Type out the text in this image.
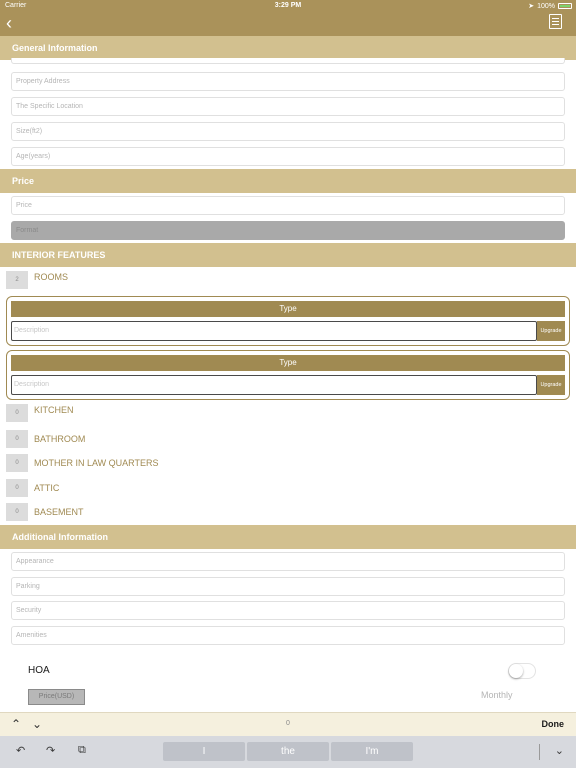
Carrier	3:29 PM	➤ 100%
‹
General Information
Property Address
The Specific Location
Size(ft2)
Age(years)
Price
Price
Format
INTERIOR FEATURES
2	ROOMS
Type
Description	Upgrade
Type
Description	Upgrade
0	KITCHEN
0	BATHROOM
0	MOTHER IN LAW QUARTERS
0	ATTIC
0	BASEMENT
Additional Information
Appearance
Parking
Security
Amenities
HOA
Price(USD)	Monthly
⌃ ⌄	0	Done
↶ ↷ ⧉	I	the	I'm	⌄
